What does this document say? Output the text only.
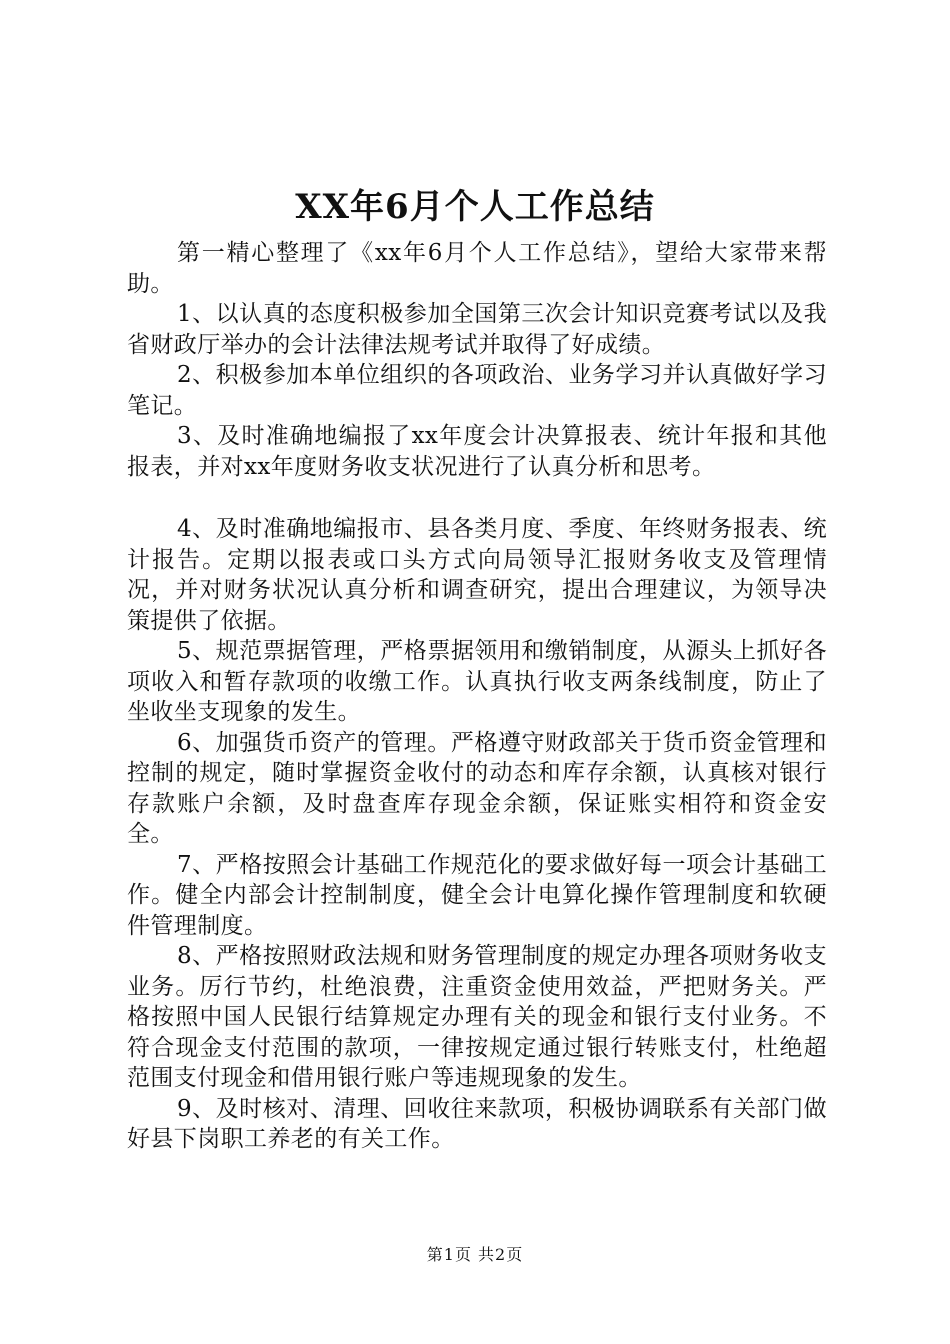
XX年6月个人工作总结

第一精心整理了《xx年6月个人工作总结》，望给大家带来帮助。

1、以认真的态度积极参加全国第三次会计知识竞赛考试以及我省财政厅举办的会计法律法规考试并取得了好成绩。

2、积极参加本单位组织的各项政治、业务学习并认真做好学习笔记。

3、及时准确地编报了xx年度会计决算报表、统计年报和其他报表，并对xx年度财务收支状况进行了认真分析和思考。

4、及时准确地编报市、县各类月度、季度、年终财务报表、统计报告。定期以报表或口头方式向局领导汇报财务收支及管理情况，并对财务状况认真分析和调查研究，提出合理建议，为领导决策提供了依据。

5、规范票据管理，严格票据领用和缴销制度，从源头上抓好各项收入和暂存款项的收缴工作。认真执行收支两条线制度，防止了坐收坐支现象的发生。

6、加强货币资产的管理。严格遵守财政部关于货币资金管理和控制的规定，随时掌握资金收付的动态和库存余额，认真核对银行存款账户余额，及时盘查库存现金余额，保证账实相符和资金安全。

7、严格按照会计基础工作规范化的要求做好每一项会计基础工作。健全内部会计控制制度，健全会计电算化操作管理制度和软硬件管理制度。

8、严格按照财政法规和财务管理制度的规定办理各项财务收支业务。厉行节约，杜绝浪费，注重资金使用效益，严把财务关。严格按照中国人民银行结算规定办理有关的现金和银行支付业务。不符合现金支付范围的款项，一律按规定通过银行转账支付，杜绝超范围支付现金和借用银行账户等违规现象的发生。

9、及时核对、清理、回收往来款项，积极协调联系有关部门做好县下岗职工养老的有关工作。

第1页 共2页
